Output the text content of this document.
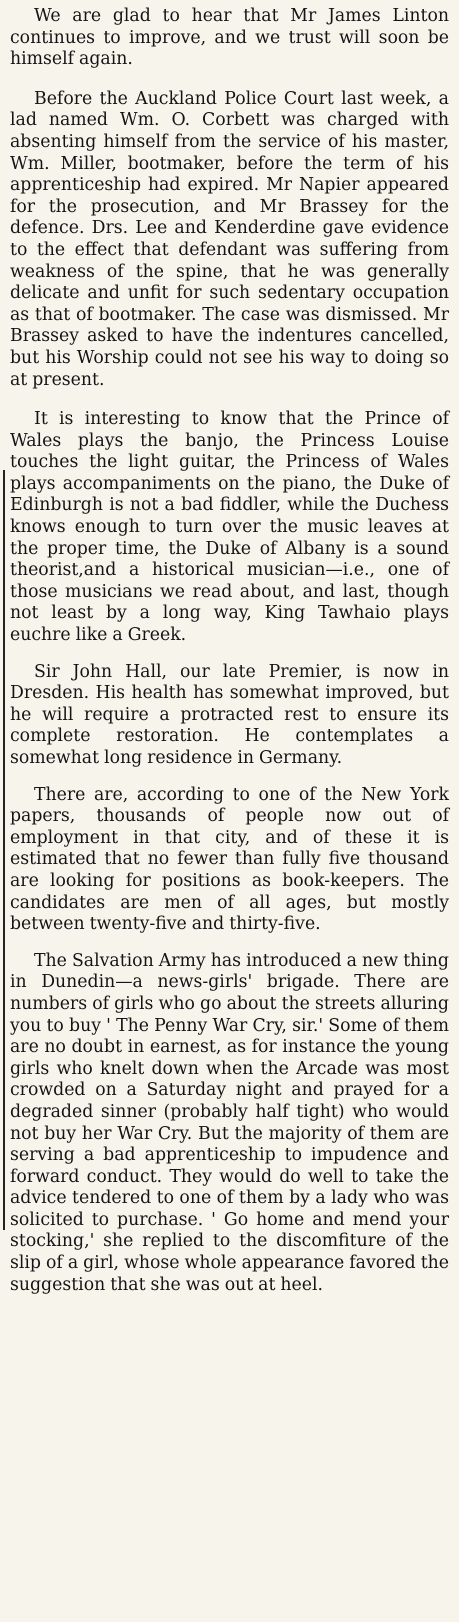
We are glad to hear that Mr James Linton continues to improve, and we trust will soon be himself again.

Before the Auckland Police Court last week, a lad named Wm. O. Corbett was charged with absenting himself from the service of his master, Wm. Miller, bootmaker, before the term of his apprenticeship had expired. Mr Napier appeared for the prosecution, and Mr Brassey for the defence. Drs. Lee and Kenderdine gave evidence to the effect that defendant was suffering from weakness of the spine, that he was generally delicate and unfit for such sedentary occupation as that of bootmaker. The case was dismissed. Mr Brassey asked to have the indentures cancelled, but his Worship could not see his way to doing so at present.

It is interesting to know that the Prince of Wales plays the banjo, the Princess Louise touches the light guitar, the Princess of Wales plays accompaniments on the piano, the Duke of Edinburgh is not a bad fiddler, while the Duchess knows enough to turn over the music leaves at the proper time, the Duke of Albany is a sound theorist,and a historical musician—i.e., one of those musicians we read about, and last, though not least by a long way, King Tawhaio plays euchre like a Greek.

Sir John Hall, our late Premier, is now in Dresden. His health has somewhat improved, but he will require a protracted rest to ensure its complete restoration. He contemplates a somewhat long residence in Germany.

There are, according to one of the New York papers, thousands of people now out of employment in that city, and of these it is estimated that no fewer than fully five thousand are looking for positions as book-keepers. The candidates are men of all ages, but mostly between twenty-five and thirty-five.

The Salvation Army has introduced a new thing in Dunedin—a news-girls' brigade. There are numbers of girls who go about the streets alluring you to buy ' The Penny War Cry, sir.' Some of them are no doubt in earnest, as for instance the young girls who knelt down when the Arcade was most crowded on a Saturday night and prayed for a degraded sinner (probably half tight) who would not buy her War Cry. But the majority of them are serving a bad apprenticeship to impudence and forward conduct. They would do well to take the advice tendered to one of them by a lady who was solicited to purchase. ' Go home and mend your stocking,' she replied to the discomfiture of the slip of a girl, whose whole appearance favored the suggestion that she was out at heel.
